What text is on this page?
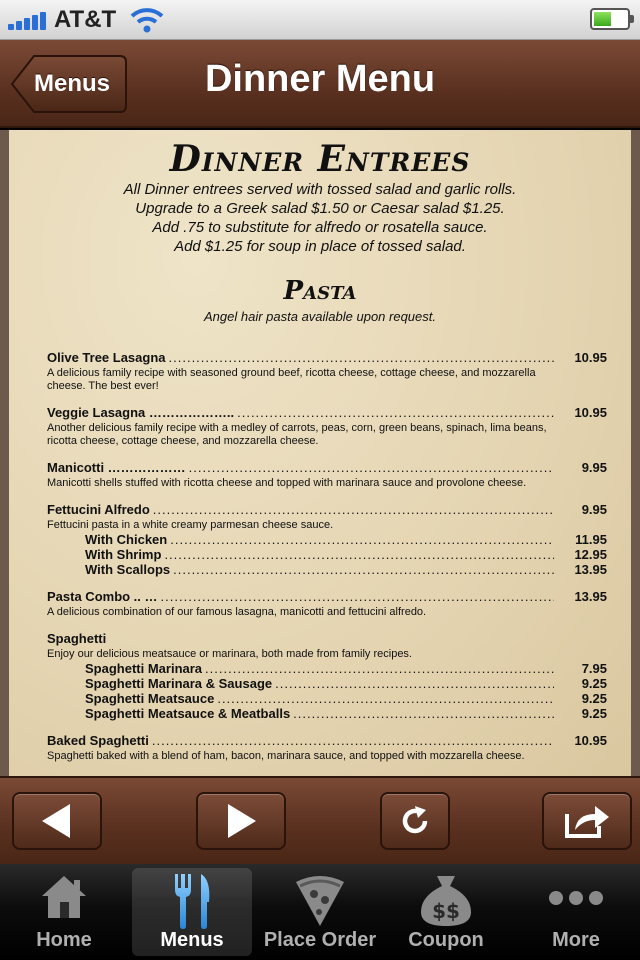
AT&T
Menus	Dinner Menu
Dinner Entrees
All Dinner entrees served with tossed salad and garlic rolls.
Upgrade to a Greek salad $1.50 or Caesar salad $1.25.
Add .75 to substitute for alfredo or rosatella sauce.
Add $1.25 for soup in place of tossed salad.
Pasta
Angel hair pasta available upon request.
Olive Tree Lasagna .....	10.95
A delicious family recipe with seasoned ground beef, ricotta cheese, cottage cheese, and mozzarella cheese. The best ever!
Veggie Lasagna ……………….. .....	10.95
Another delicious family recipe with a medley of carrots, peas, corn, green beans, spinach, lima beans, ricotta cheese, cottage cheese, and mozzarella cheese.
Manicotti ……………… .....	9.95
Manicotti shells stuffed with ricotta cheese and topped with marinara sauce and provolone cheese.
Fettucini Alfredo .....	9.95
Fettucini pasta in a white creamy parmesan cheese sauce.
With Chicken .....	11.95
With Shrimp .....	12.95
With Scallops .....	13.95
Pasta Combo .. … .....	13.95
A delicious combination of our famous lasagna, manicotti and fettucini alfredo.
Spaghetti
Enjoy our delicious meatsauce or marinara, both made from family recipes.
Spaghetti Marinara .....	7.95
Spaghetti Marinara & Sausage .....	9.25
Spaghetti Meatsauce .....	9.25
Spaghetti Meatsauce & Meatballs .....	9.25
Baked Spaghetti .....	10.95
Spaghetti baked with a blend of ham, bacon, marinara sauce, and topped with mozzarella cheese.
Home	Menus	Place Order
$$
Coupon	More
